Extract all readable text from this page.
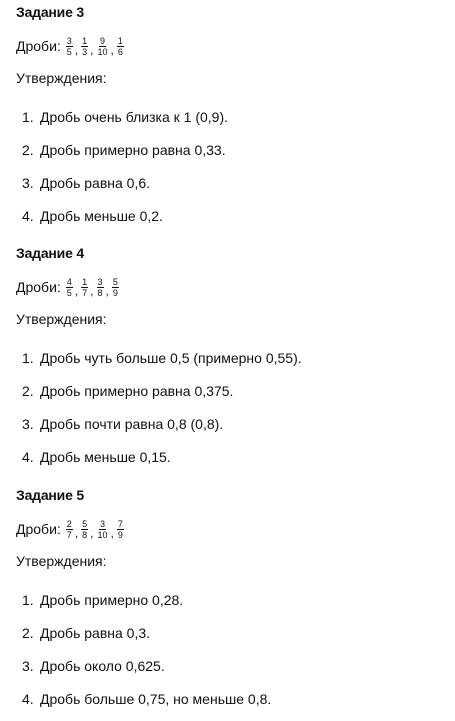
Задание 3
Дроби: $\frac{3}{5}$ , $\frac{1}{3}$ , $\frac{9}{10}$ , $\frac{1}{6}$
Утверждения:
1. Дробь очень близка к 1 (0,9).
2. Дробь примерно равна 0,33.
3. Дробь равна 0,6.
4. Дробь меньше 0,2.
Задание 4
Дроби: $\frac{4}{5}$ , $\frac{1}{7}$ , $\frac{3}{8}$ , $\frac{5}{9}$
Утверждения:
1. Дробь чуть больше 0,5 (примерно 0,55).
2. Дробь примерно равна 0,375.
3. Дробь почти равна 0,8 (0,8).
4. Дробь меньше 0,15.
Задание 5
Дроби: $\frac{2}{7}$ , $\frac{5}{8}$ , $\frac{3}{10}$ , $\frac{7}{9}$
Утверждения:
1. Дробь примерно 0,28.
2. Дробь равна 0,3.
3. Дробь около 0,625.
4. Дробь больше 0,75, но меньше 0,8.
